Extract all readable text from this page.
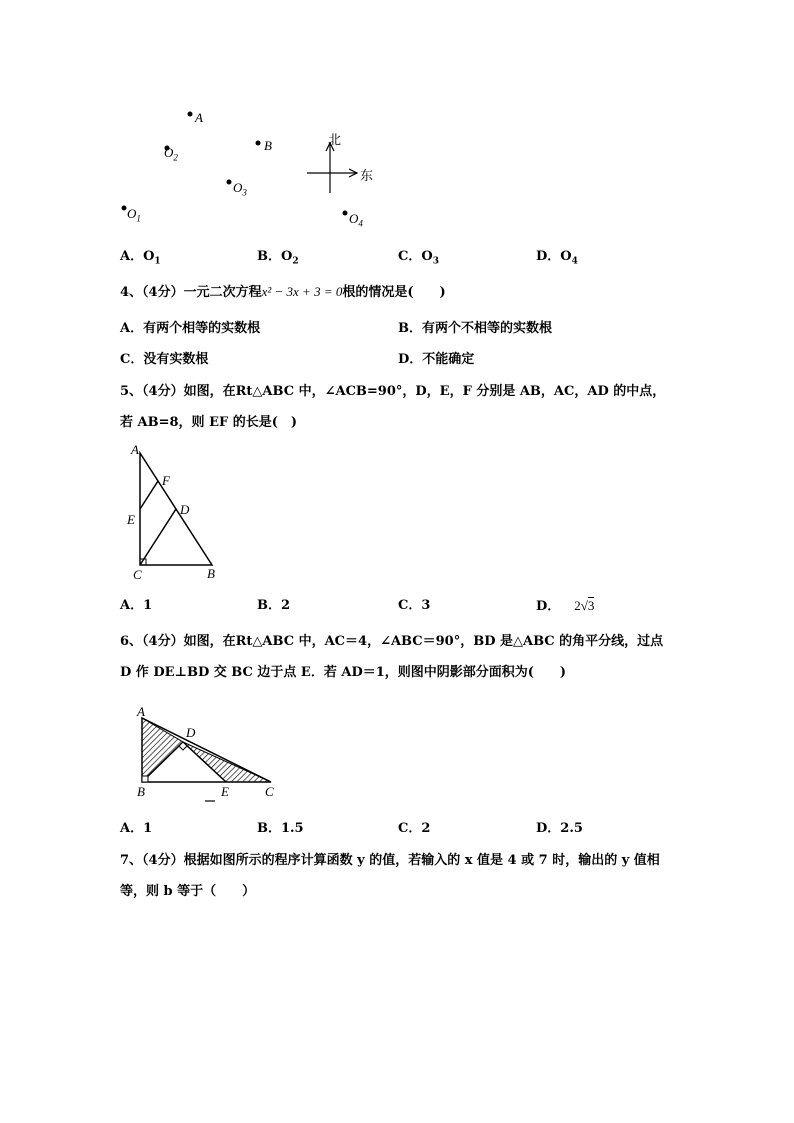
A
B
$O_2$
$O_3$
$O_1$	$O_4$
北
东
A．$O_1$	B．$O_2$	C．$O_3$	D．$O_4$
4、（4分）一元二次方程x² − 3x + 3 = 0根的情况是(　　)
A．有两个相等的实数根	B．有两个不相等的实数根
C．没有实数根	D．不能确定
5、（4分）如图，在Rt△ABC 中，∠ACB=90°，D，E，F 分别是 AB，AC，AD 的中点，
若 AB=8，则 EF 的长是(　)
A
F
D
E
C	B
A．1	B．2	C．3	D． 2√3
6、（4分）如图，在Rt△ABC 中，AC＝4，∠ABC＝90°，BD 是△ABC 的角平分线，过点
D 作 DE⊥BD 交 BC 边于点 E．若 AD＝1，则图中阴影部分面积为(　　)
A
D
B	E	C
A．1	B．1.5	C．2	D．2.5
7、（4分）根据如图所示的程序计算函数 y 的值，若输入的 x 值是 4 或 7 时，输出的 y 值相
等，则 b 等于（　　）
